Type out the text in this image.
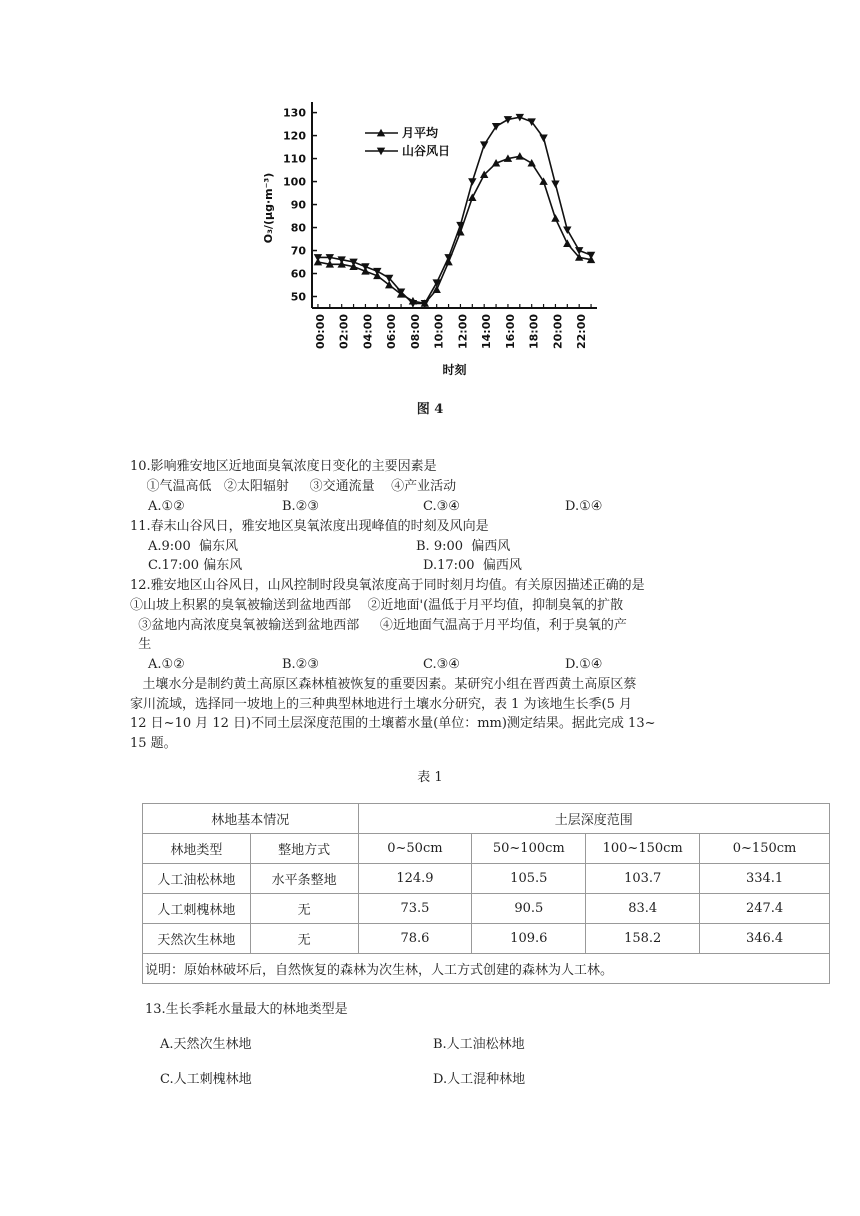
50
60
70
80
90
100
110
120
130
00:00 02:00 04:00 06:00 08:00 10:00 12:00 14:00 16:00 18:00 20:00 22:00
时刻
O₃/(μg·m⁻³)
月平均
山谷风日
图 4
10.影响雅安地区近地面臭氧浓度日变化的主要因素是
①气温高低   ②太阳辐射     ③交通流量    ④产业活动
A.①②	B.②③	C.③④	D.①④
11.春末山谷风日，雅安地区臭氧浓度出现峰值的时刻及风向是
A.9:00  偏东风	B. 9:00  偏西风
C.17:00 偏东风	D.17:00  偏西风
12.雅安地区山谷风日，山风控制时段臭氧浓度高于同时刻月均值。有关原因描述正确的是
①山坡上积累的臭氧被输送到盆地西部    ②近地面'(温低于月平均值，抑制臭氧的扩散
③盆地内高浓度臭氧被输送到盆地西部     ④近地面气温高于月平均值，利于臭氧的产
生
A.①②	B.②③	C.③④	D.①④
土壤水分是制约黄土高原区森林植被恢复的重要因素。某研究小组在晋西黄土高原区蔡
家川流域，选择同一坡地上的三种典型林地进行土壤水分研究，表 1 为该地生长季(5 月
12 日~10 月 12 日)不同土层深度范围的土壤蓄水量(单位：mm)测定结果。据此完成 13~
15 题。
表 1
林地基本情况		土层深度范围			
林地类型	整地方式	0~50cm	50~100cm	100~150cm	0~150cm
人工油松林地	水平条整地	124.9	105.5	103.7	334.1
人工刺槐林地	无	73.5	90.5	83.4	247.4
天然次生林地	无	78.6	109.6	158.2	346.4
说明：原始林破坏后，自然恢复的森林为次生林，人工方式创建的森林为人工林。					
13.生长季耗水量最大的林地类型是
A.天然次生林地	B.人工油松林地
C.人工刺槐林地	D.人工混种林地
